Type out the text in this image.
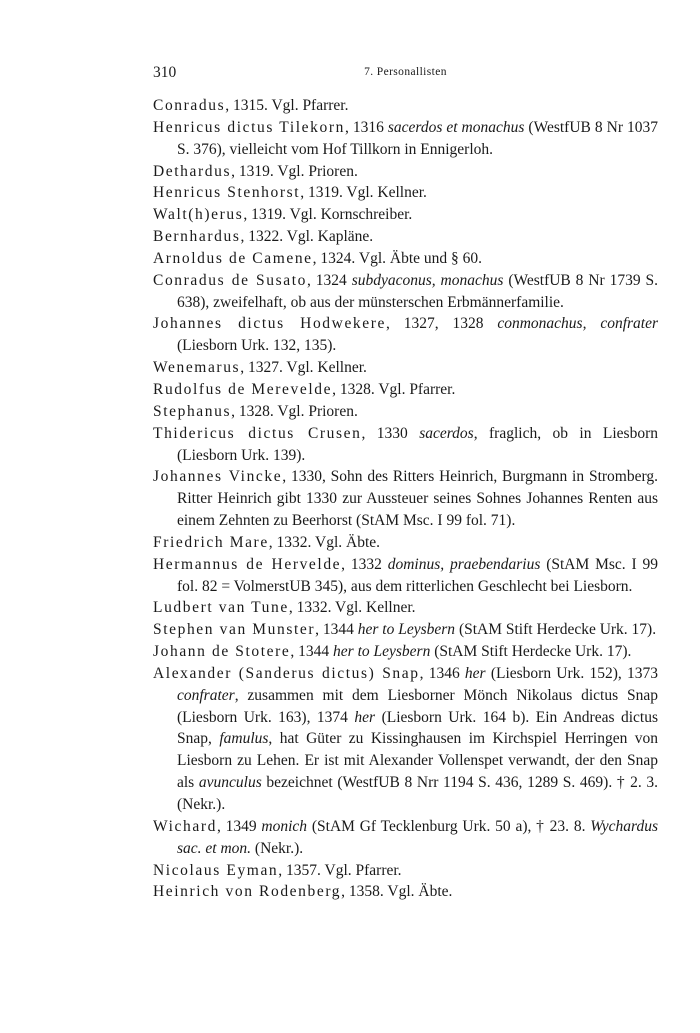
310	7. Personallisten
Conradus, 1315. Vgl. Pfarrer.
Henricus dictus Tilekorn, 1316 sacerdos et monachus (WestfUB 8 Nr 1037 S. 376), vielleicht vom Hof Tillkorn in Ennigerloh.
Dethardus, 1319. Vgl. Prioren.
Henricus Stenhorst, 1319. Vgl. Kellner.
Walt(h)erus, 1319. Vgl. Kornschreiber.
Bernhardus, 1322. Vgl. Kapläne.
Arnoldus de Camene, 1324. Vgl. Äbte und § 60.
Conradus de Susato, 1324 subdyaconus, monachus (WestfUB 8 Nr 1739 S. 638), zweifelhaft, ob aus der münsterschen Erbmännerfamilie.
Johannes dictus Hodwekere, 1327, 1328 conmonachus, confrater (Liesborn Urk. 132, 135).
Wenemarus, 1327. Vgl. Kellner.
Rudolfus de Merevelde, 1328. Vgl. Pfarrer.
Stephanus, 1328. Vgl. Prioren.
Thidericus dictus Crusen, 1330 sacerdos, fraglich, ob in Liesborn (Liesborn Urk. 139).
Johannes Vincke, 1330, Sohn des Ritters Heinrich, Burgmann in Stromberg. Ritter Heinrich gibt 1330 zur Aussteuer seines Sohnes Johannes Renten aus einem Zehnten zu Beerhorst (StAM Msc. I 99 fol. 71).
Friedrich Mare, 1332. Vgl. Äbte.
Hermannus de Hervelde, 1332 dominus, praebendarius (StAM Msc. I 99 fol. 82 = VolmerstUB 345), aus dem ritterlichen Geschlecht bei Liesborn.
Ludbert van Tune, 1332. Vgl. Kellner.
Stephen van Munster, 1344 her to Leysbern (StAM Stift Herdecke Urk. 17).
Johann de Stotere, 1344 her to Leysbern (StAM Stift Herdecke Urk. 17).
Alexander (Sanderus dictus) Snap, 1346 her (Liesborn Urk. 152), 1373 confrater, zusammen mit dem Liesborner Mönch Nikolaus dictus Snap (Liesborn Urk. 163), 1374 her (Liesborn Urk. 164 b). Ein Andreas dictus Snap, famulus, hat Güter zu Kissinghausen im Kirchspiel Herringen von Liesborn zu Lehen. Er ist mit Alexander Vollenspet verwandt, der den Snap als avunculus bezeichnet (WestfUB 8 Nrr 1194 S. 436, 1289 S. 469). † 2. 3. (Nekr.).
Wichard, 1349 monich (StAM Gf Tecklenburg Urk. 50 a), † 23. 8. Wychardus sac. et mon. (Nekr.).
Nicolaus Eyman, 1357. Vgl. Pfarrer.
Heinrich von Rodenberg, 1358. Vgl. Äbte.
